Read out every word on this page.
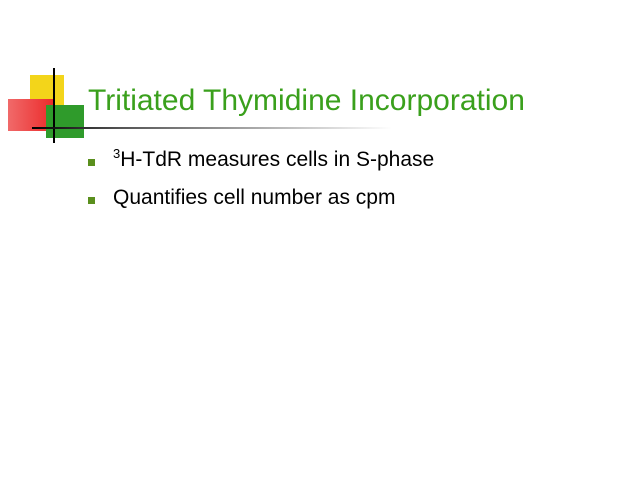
Tritiated Thymidine Incorporation
$^3$H-TdR measures cells in S-phase
Quantifies cell number as cpm
